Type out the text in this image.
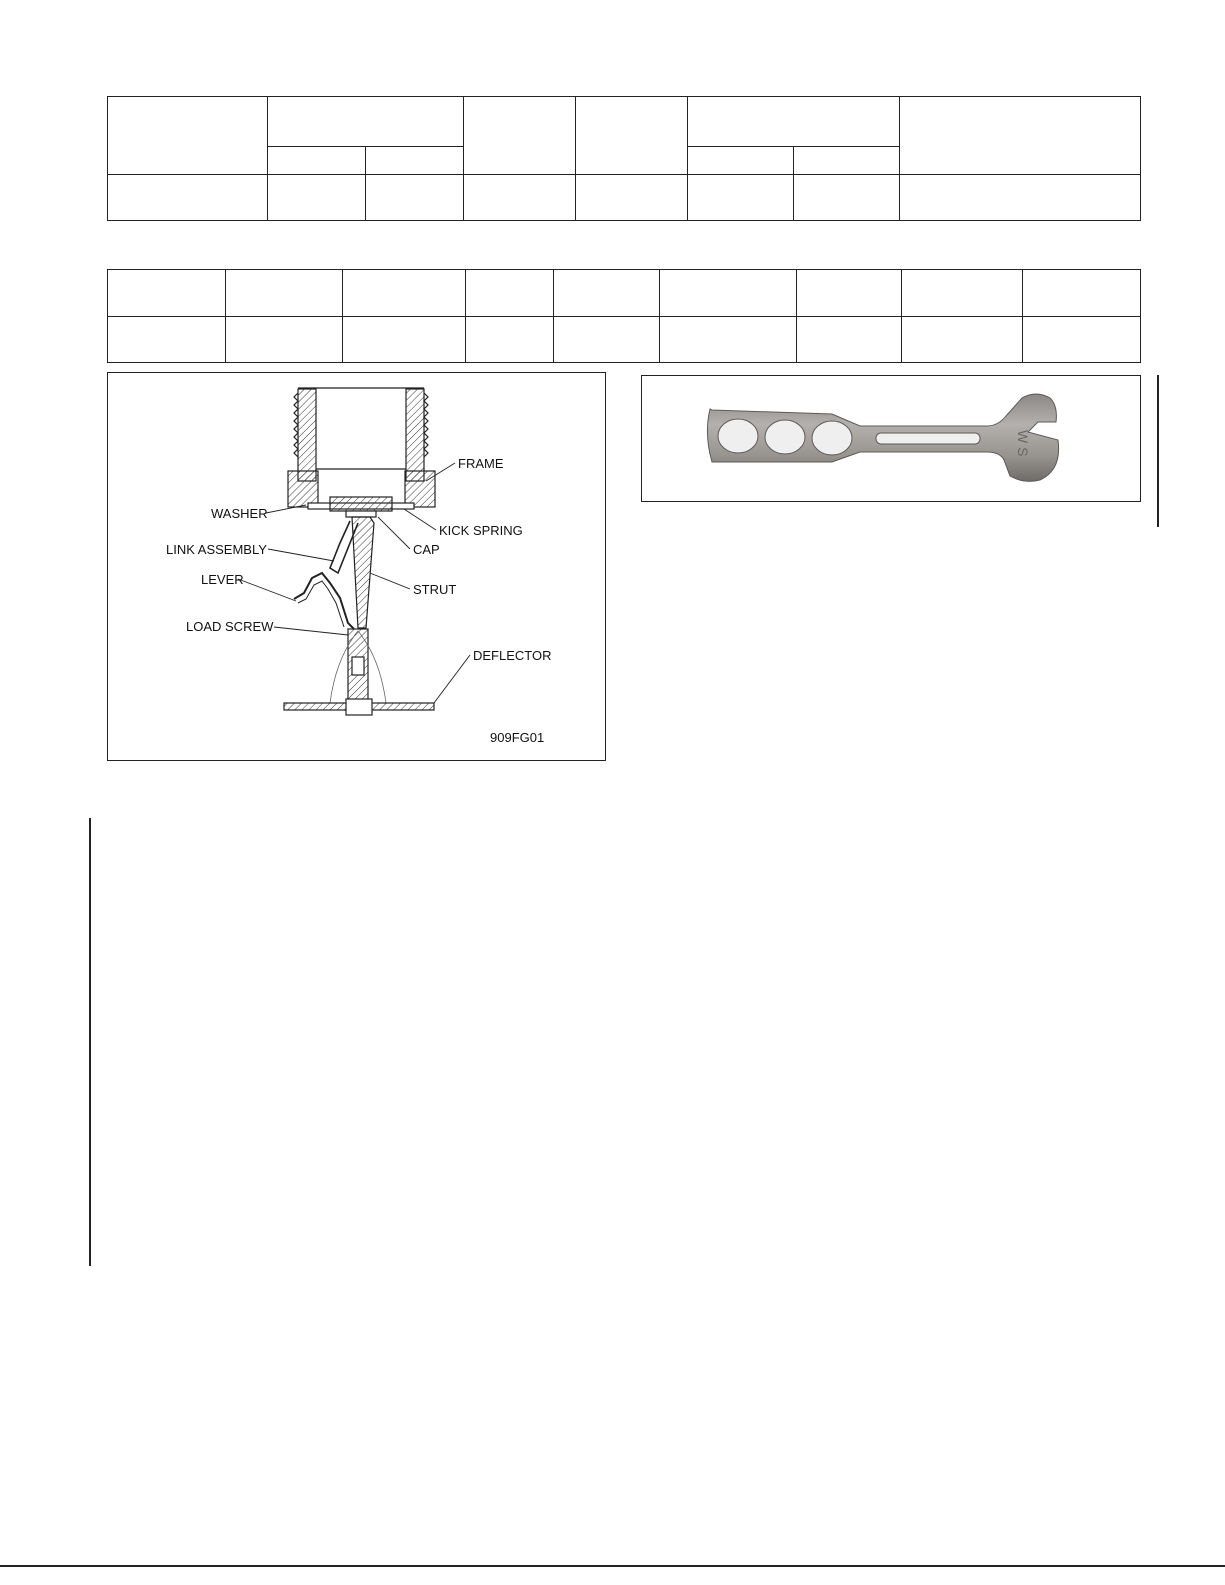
FRAME
WASHER
KICK SPRING
LINK ASSEMBLY	CAP
LEVER
STRUT
LOAD SCREW
DEFLECTOR
909FG01
W S
